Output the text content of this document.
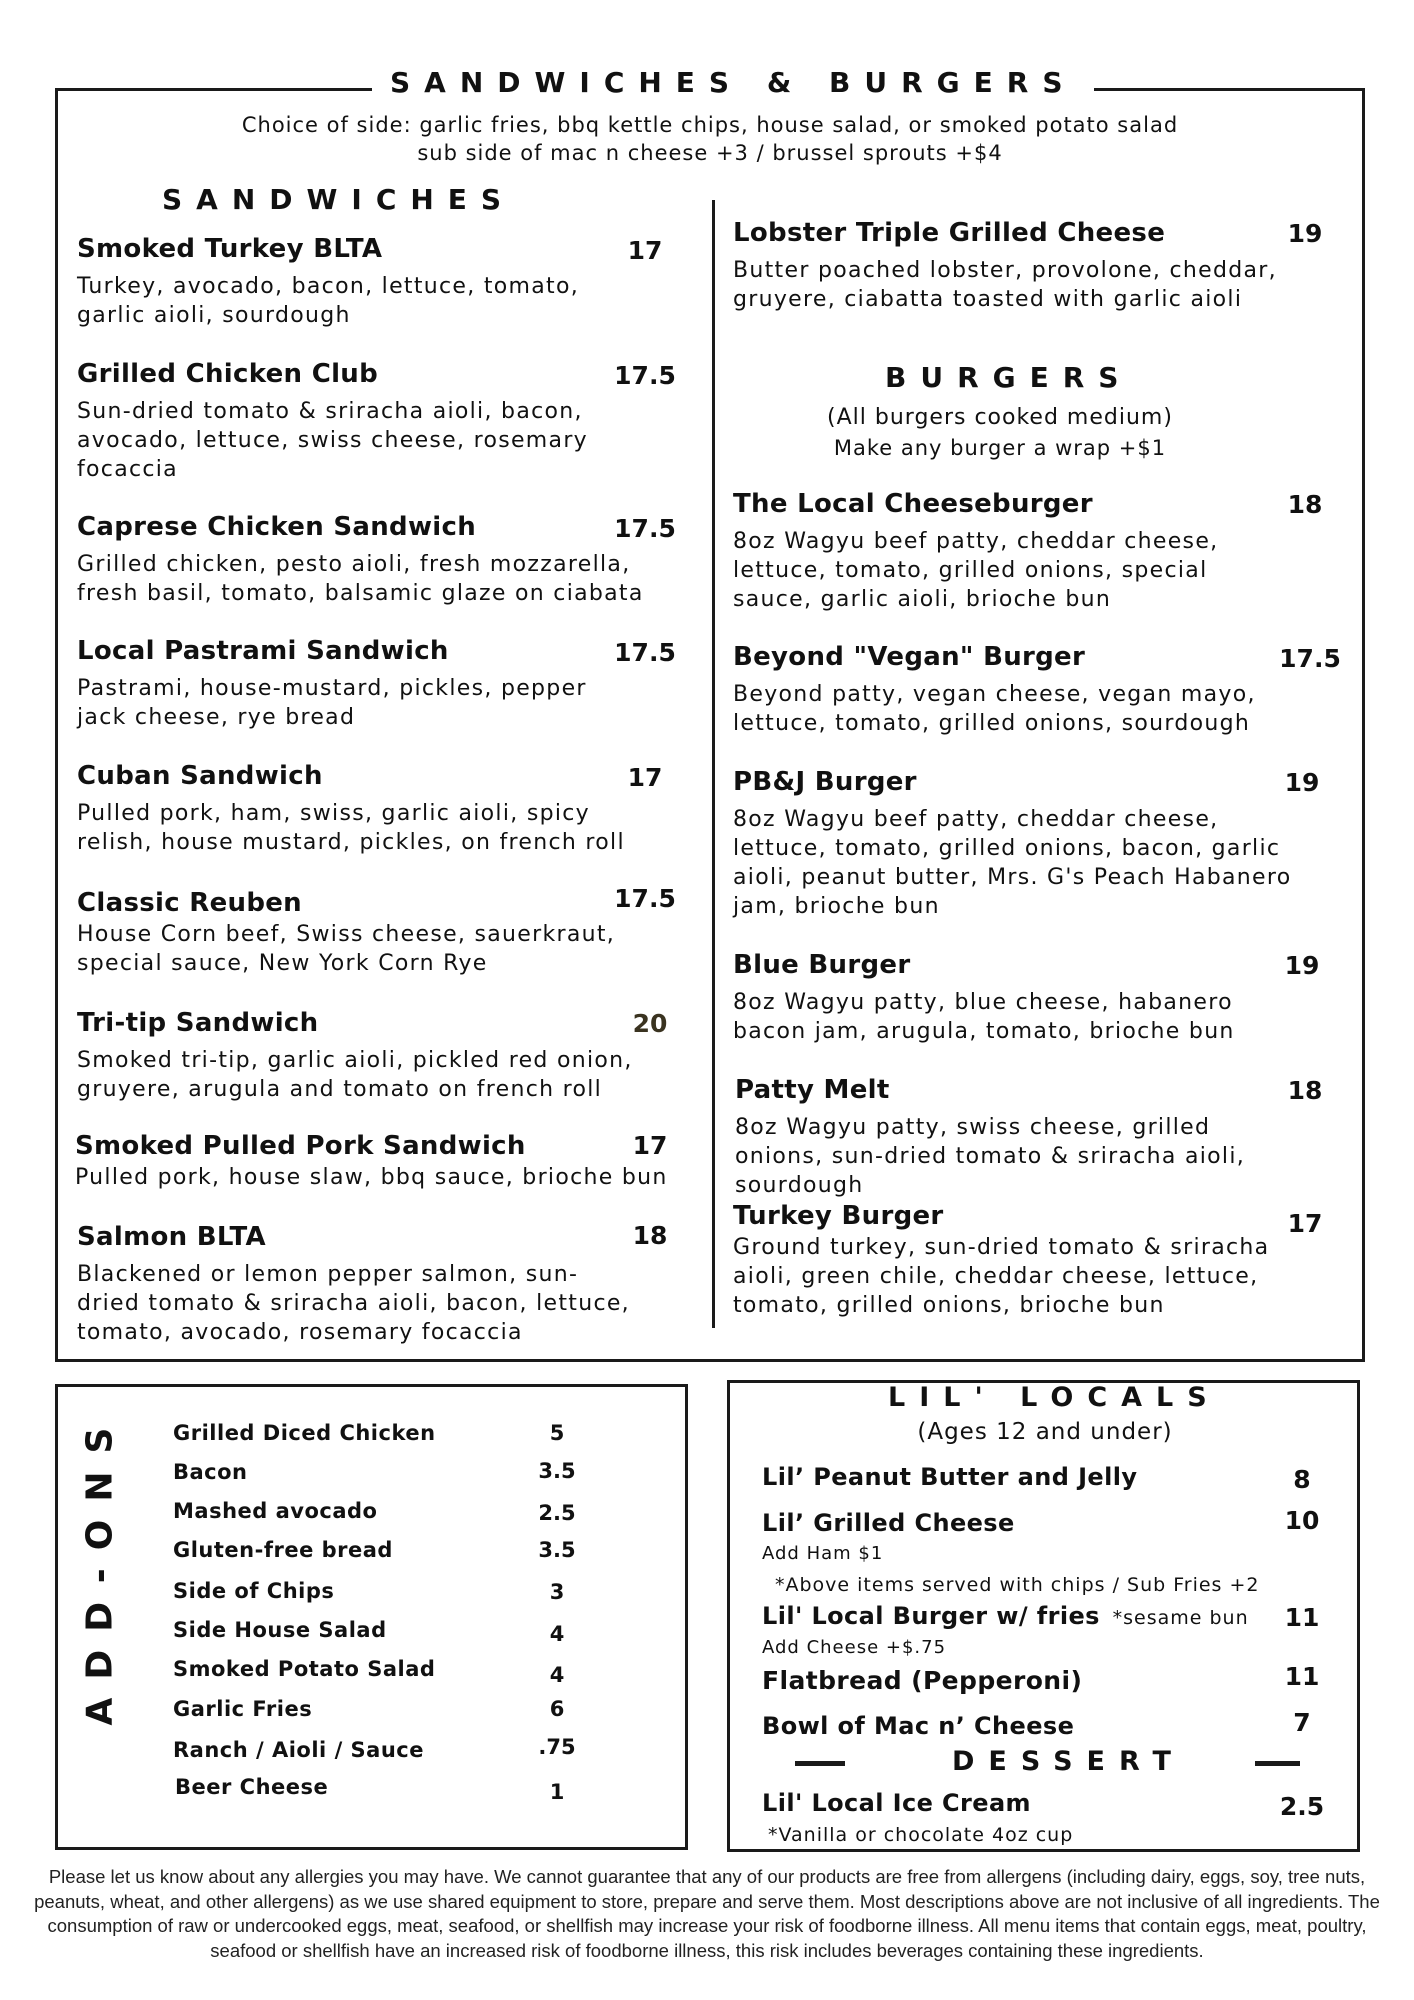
SANDWICHES & BURGERS
Choice of side: garlic fries, bbq kettle chips, house salad, or smoked potato salad
sub side of mac n cheese +3 / brussel sprouts +$4
SANDWICHES
Smoked Turkey BLTA
Turkey, avocado, bacon, lettuce, tomato, garlic aioli, sourdough
17
Grilled Chicken Club
Sun-dried tomato & sriracha aioli, bacon, avocado, lettuce, swiss cheese, rosemary focaccia
17.5
Caprese Chicken Sandwich
Grilled chicken, pesto aioli, fresh mozzarella, fresh basil, tomato, balsamic glaze on ciabata
17.5
Local Pastrami Sandwich
Pastrami, house-mustard, pickles, pepper jack cheese, rye bread
17.5
Cuban Sandwich
Pulled pork, ham, swiss, garlic aioli, spicy relish, house mustard, pickles, on french roll
17
Classic Reuben
House Corn beef, Swiss cheese, sauerkraut, special sauce, New York Corn Rye
17.5
Tri-tip Sandwich
Smoked tri-tip, garlic aioli, pickled red onion, gruyere, arugula and tomato on french roll
20
Smoked Pulled Pork Sandwich
Pulled pork, house slaw, bbq sauce, brioche bun
17
Salmon BLTA
Blackened or lemon pepper salmon, sun-dried tomato & sriracha aioli, bacon, lettuce, tomato, avocado, rosemary focaccia
18
Lobster Triple Grilled Cheese
Butter poached lobster, provolone, cheddar, gruyere, ciabatta toasted with garlic aioli
19
BURGERS
(All burgers cooked medium)
Make any burger a wrap +$1
The Local Cheeseburger
8oz Wagyu beef patty, cheddar cheese, lettuce, tomato, grilled onions, special sauce, garlic aioli, brioche bun
18
Beyond "Vegan" Burger
Beyond patty, vegan cheese, vegan mayo, lettuce, tomato, grilled onions, sourdough
17.5
PB&J Burger
8oz Wagyu beef patty, cheddar cheese, lettuce, tomato, grilled onions, bacon, garlic aioli, peanut butter, Mrs. G's Peach Habanero jam, brioche bun
19
Blue Burger
8oz Wagyu patty, blue cheese, habanero bacon jam, arugula, tomato, brioche bun
19
Patty Melt
8oz Wagyu patty, swiss cheese, grilled onions, sun-dried tomato & sriracha aioli, sourdough
18
Turkey Burger
Ground turkey, sun-dried tomato & sriracha aioli, green chile, cheddar cheese, lettuce, tomato, grilled onions, brioche bun
17
ADD-ONS	Grilled Diced Chicken	5
Bacon	3.5
Mashed avocado	2.5
Gluten-free bread	3.5
Side of Chips	3
Side House Salad	4
Smoked Potato Salad	4
Garlic Fries	6
Ranch / Aioli / Sauce	.75
Beer Cheese	1
LIL' LOCALS
(Ages 12 and under)
Lil’ Peanut Butter and Jelly	8
Lil’ Grilled Cheese	10
Add Ham $1
*Above items served with chips / Sub Fries +2
Lil' Local Burger w/ fries *sesame bun	11
Add Cheese +$.75
Flatbread (Pepperoni)	11
Bowl of Mac n’ Cheese	7
DESSERT
Lil' Local Ice Cream	2.5
*Vanilla or chocolate 4oz cup
Please let us know about any allergies you may have. We cannot guarantee that any of our products are free from allergens (including dairy, eggs, soy, tree nuts, peanuts, wheat, and other allergens) as we use shared equipment to store, prepare and serve them. Most descriptions above are not inclusive of all ingredients. The consumption of raw or undercooked eggs, meat, seafood, or shellfish may increase your risk of foodborne illness. All menu items that contain eggs, meat, poultry, seafood or shellfish have an increased risk of foodborne illness, this risk includes beverages containing these ingredients.
